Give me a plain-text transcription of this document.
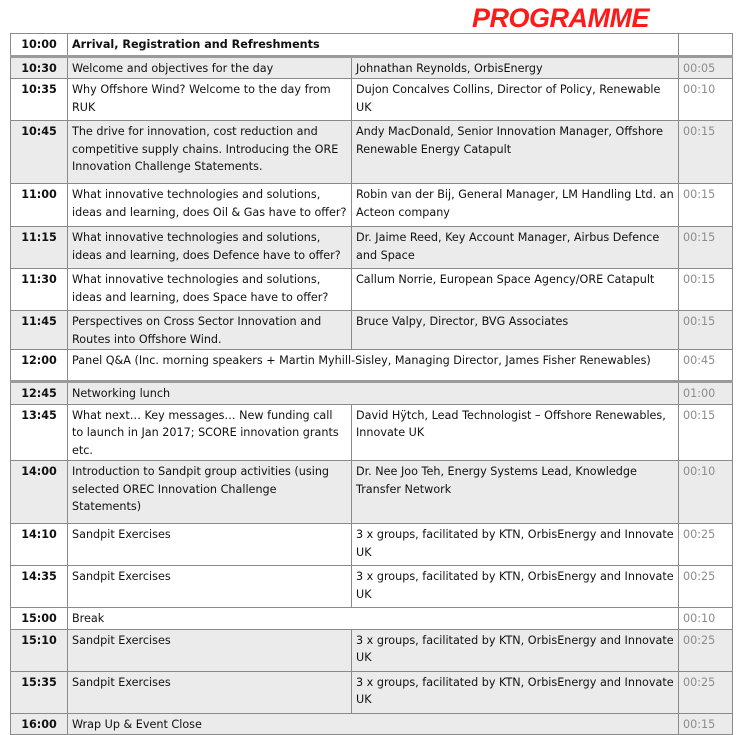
PROGRAMME
10:00	Arrival, Registration and Refreshments		
10:30	Welcome and objectives for the day	Johnathan Reynolds, OrbisEnergy	00:05
10:35	Why Offshore Wind? Welcome to the day from RUK	Dujon Concalves Collins, Director of Policy, Renewable UK	00:10
10:45	The drive for innovation, cost reduction and competitive supply chains. Introducing the ORE Innovation Challenge Statements.	Andy MacDonald, Senior Innovation Manager, Offshore Renewable Energy Catapult	00:15
11:00	What innovative technologies and solutions, ideas and learning, does Oil & Gas have to offer?	Robin van der Bij, General Manager, LM Handling Ltd. an Acteon company	00:15
11:15	What innovative technologies and solutions, ideas and learning, does Defence have to offer?	Dr. Jaime Reed, Key Account Manager, Airbus Defence and Space	00:15
11:30	What innovative technologies and solutions, ideas and learning, does Space have to offer?	Callum Norrie, European Space Agency/ORE Catapult	00:15
11:45	Perspectives on Cross Sector Innovation and Routes into Offshore Wind.	Bruce Valpy, Director, BVG Associates	00:15
12:00	Panel Q&A (Inc. morning speakers + Martin Myhill-Sisley, Managing Director, James Fisher Renewables)		00:45
12:45	Networking lunch		01:00
13:45	What next… Key messages… New funding call to launch in Jan 2017; SCORE innovation grants etc.	David Hÿtch, Lead Technologist – Offshore Renewables, Innovate UK	00:15
14:00	Introduction to Sandpit group activities (using selected OREC Innovation Challenge Statements)	Dr. Nee Joo Teh, Energy Systems Lead, Knowledge Transfer Network	00:10
14:10	Sandpit Exercises	3 x groups, facilitated by KTN, OrbisEnergy and Innovate UK	00:25
14:35	Sandpit Exercises	3 x groups, facilitated by KTN, OrbisEnergy and Innovate UK	00:25
15:00	Break		00:10
15:10	Sandpit Exercises	3 x groups, facilitated by KTN, OrbisEnergy and Innovate UK	00:25
15:35	Sandpit Exercises	3 x groups, facilitated by KTN, OrbisEnergy and Innovate UK	00:25
16:00	Wrap Up & Event Close		00:15
